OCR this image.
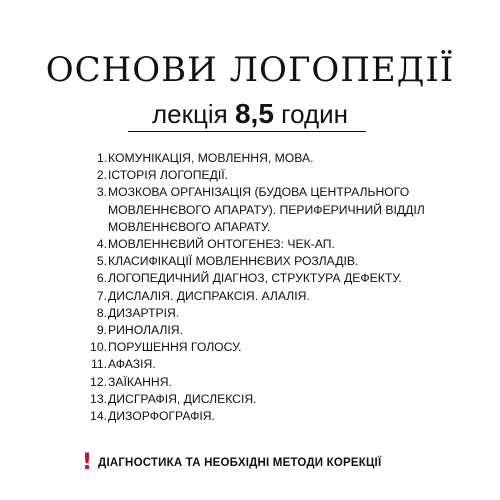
ОСНОВИ ЛОГОПЕДІЇ
лекція 8,5 годин
1. КОМУНІКАЦІЯ, МОВЛЕННЯ, МОВА.
2. ІСТОРІЯ ЛОГОПЕДІЇ.
3. МОЗКОВА ОРГАНІЗАЦІЯ (БУДОВА ЦЕНТРАЛЬНОГО МОВЛЕННЄВОГО АПАРАТУ). ПЕРИФЕРИЧНИЙ ВІДДІЛ МОВЛЕННЄВОГО АПАРАТУ.
4. МОВЛЕННЄВИЙ ОНТОГЕНЕЗ: ЧЕК-АП.
5. КЛАСИФІКАЦІЇ МОВЛЕННЄВИХ РОЗЛАДІВ.
6. ЛОГОПЕДИЧНИЙ ДІАГНОЗ, СТРУКТУРА ДЕФЕКТУ.
7. ДИСЛАЛІЯ. ДИСПРАКСІЯ. АЛАЛІЯ.
8. ДИЗАРТРІЯ.
9. РИНОЛАЛІЯ.
10. ПОРУШЕННЯ ГОЛОСУ.
11. АФАЗІЯ.
12. ЗАЇКАННЯ.
13. ДИСГРАФІЯ, ДИСЛЕКСІЯ.
14. ДИЗОРФОГРАФІЯ.
! ДІАГНОСТИКА ТА НЕОБХІДНІ МЕТОДИ КОРЕКЦІЇ
